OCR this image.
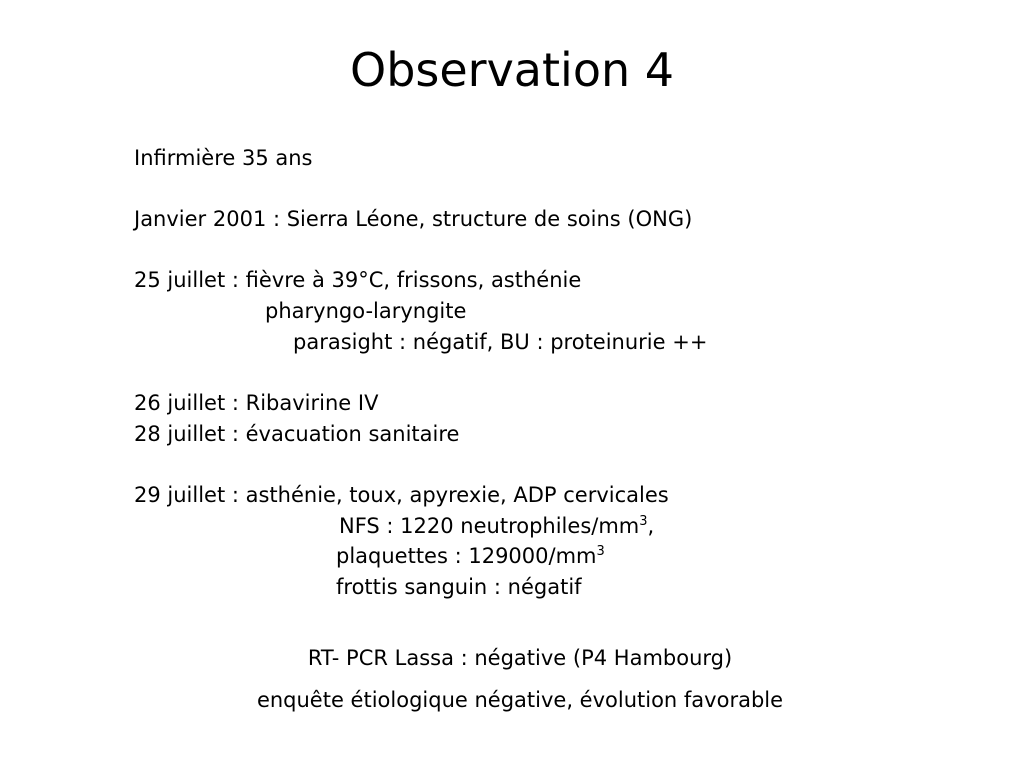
Observation 4
Infirmière 35 ans
Janvier 2001 : Sierra Léone, structure de soins (ONG)
25 juillet : fièvre à 39°C, frissons, asthénie
pharyngo-laryngite
parasight : négatif, BU : proteinurie ++
26 juillet : Ribavirine IV
28 juillet : évacuation sanitaire
29 juillet : asthénie, toux, apyrexie, ADP cervicales
NFS : 1220 neutrophiles/$mm^3$,
plaquettes : $129000/mm^3$
frottis sanguin : négatif
RT- PCR Lassa : négative (P4 Hambourg)
enquête étiologique négative, évolution favorable
